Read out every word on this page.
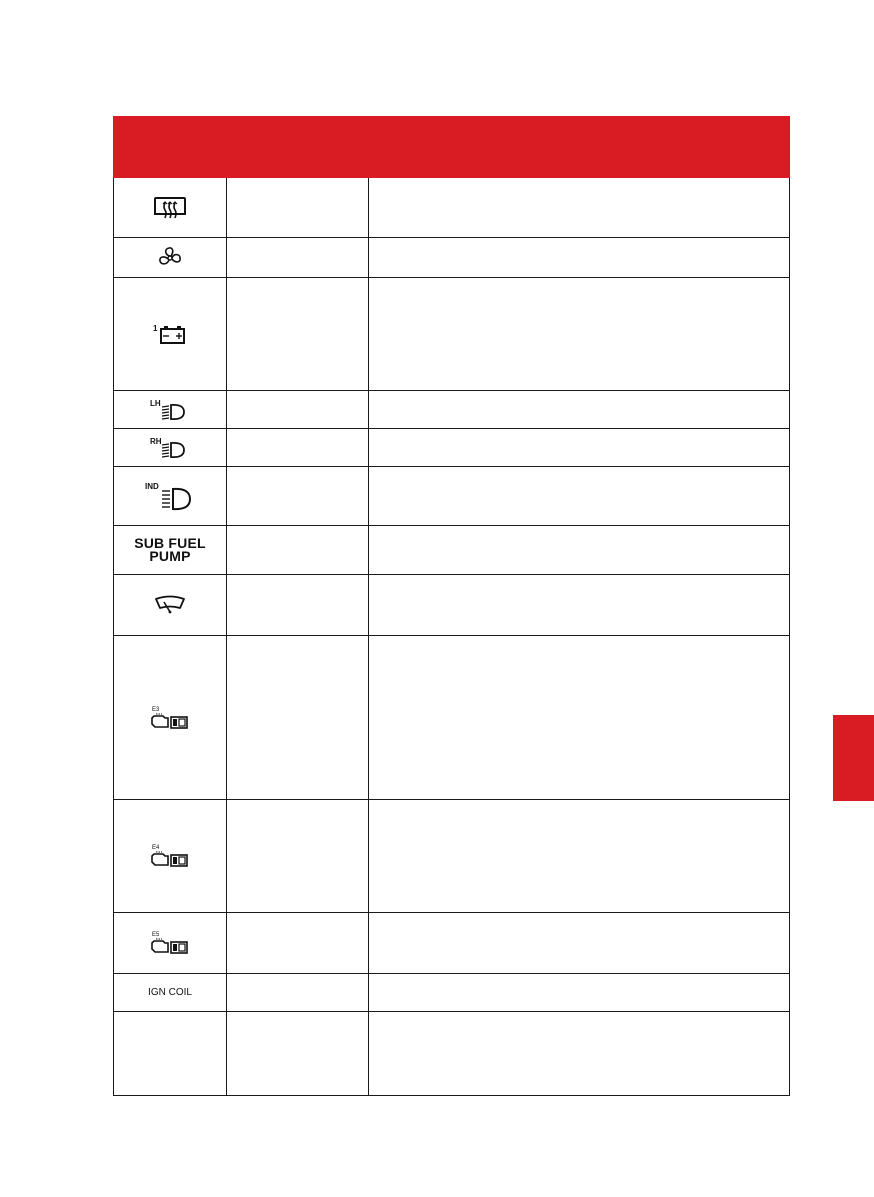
1		

LH		

RH		

IND		

SUB FUEL
PUMP		

E3		

E4		

E5		

IGN COIL		
